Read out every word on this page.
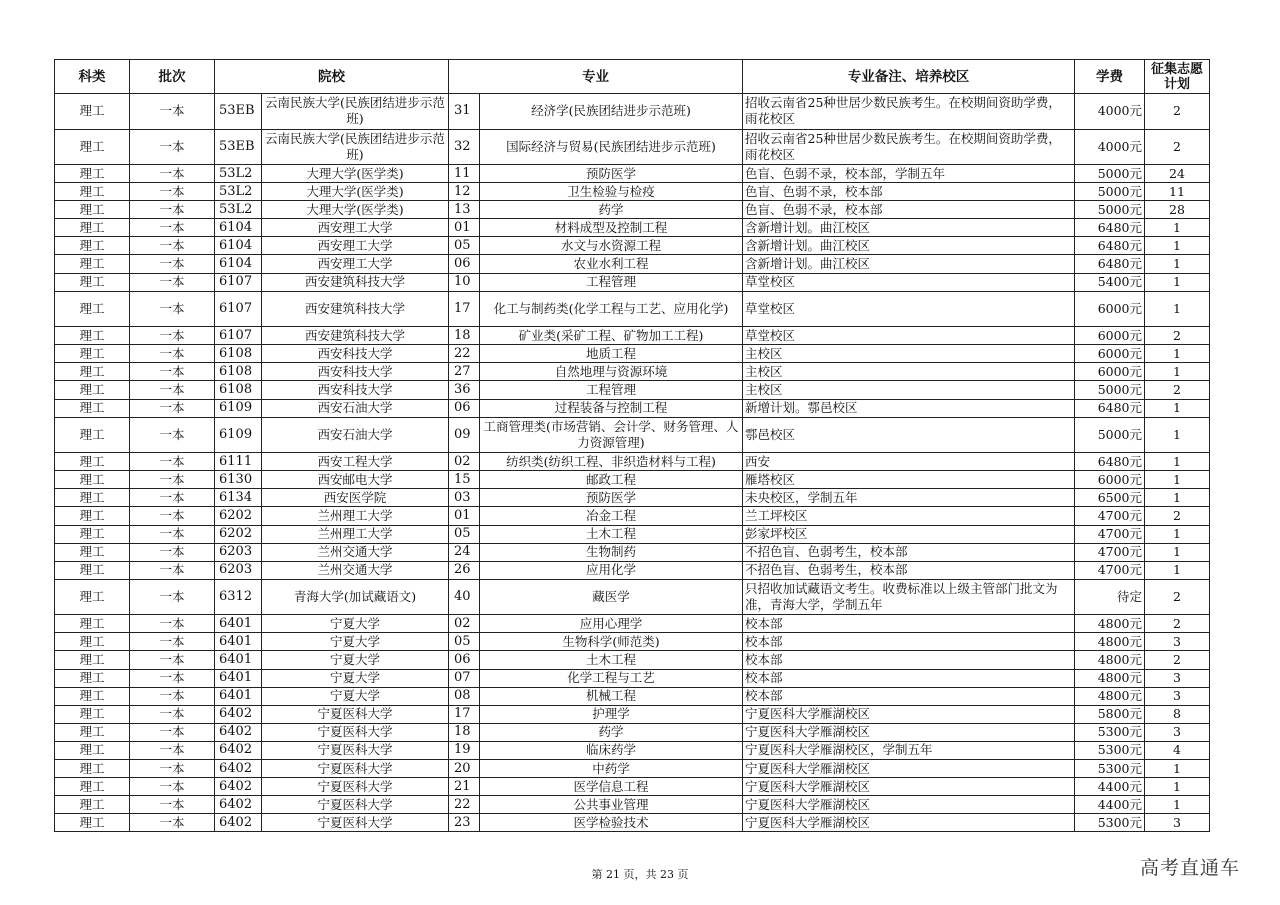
科类	批次	院校		专业		专业备注、培养校区	学费	征集志愿计划
理工	一本	53EB	云南民族大学(民族团结进步示范班)	31	经济学(民族团结进步示范班)	招收云南省25种世居少数民族考生。在校期间资助学费，雨花校区	4000元	2
理工	一本	53EB	云南民族大学(民族团结进步示范班)	32	国际经济与贸易(民族团结进步示范班)	招收云南省25种世居少数民族考生。在校期间资助学费，雨花校区	4000元	2
理工	一本	53L2	大理大学(医学类)	11	预防医学	色盲、色弱不录，校本部，学制五年	5000元	24
理工	一本	53L2	大理大学(医学类)	12	卫生检验与检疫	色盲、色弱不录，校本部	5000元	11
理工	一本	53L2	大理大学(医学类)	13	药学	色盲、色弱不录，校本部	5000元	28
理工	一本	6104	西安理工大学	01	材料成型及控制工程	含新增计划。曲江校区	6480元	1
理工	一本	6104	西安理工大学	05	水文与水资源工程	含新增计划。曲江校区	6480元	1
理工	一本	6104	西安理工大学	06	农业水利工程	含新增计划。曲江校区	6480元	1
理工	一本	6107	西安建筑科技大学	10	工程管理	草堂校区	5400元	1
理工	一本	6107	西安建筑科技大学	17	化工与制药类(化学工程与工艺、应用化学)	草堂校区	6000元	1
理工	一本	6107	西安建筑科技大学	18	矿业类(采矿工程、矿物加工工程)	草堂校区	6000元	2
理工	一本	6108	西安科技大学	22	地质工程	主校区	6000元	1
理工	一本	6108	西安科技大学	27	自然地理与资源环境	主校区	6000元	1
理工	一本	6108	西安科技大学	36	工程管理	主校区	5000元	2
理工	一本	6109	西安石油大学	06	过程装备与控制工程	新增计划。鄠邑校区	6480元	1
理工	一本	6109	西安石油大学	09	工商管理类(市场营销、会计学、财务管理、人力资源管理)	鄠邑校区	5000元	1
理工	一本	6111	西安工程大学	02	纺织类(纺织工程、非织造材料与工程)	西安	6480元	1
理工	一本	6130	西安邮电大学	15	邮政工程	雁塔校区	6000元	1
理工	一本	6134	西安医学院	03	预防医学	未央校区，学制五年	6500元	1
理工	一本	6202	兰州理工大学	01	冶金工程	兰工坪校区	4700元	2
理工	一本	6202	兰州理工大学	05	土木工程	彭家坪校区	4700元	1
理工	一本	6203	兰州交通大学	24	生物制药	不招色盲、色弱考生，校本部	4700元	1
理工	一本	6203	兰州交通大学	26	应用化学	不招色盲、色弱考生，校本部	4700元	1
理工	一本	6312	青海大学(加试藏语文)	40	藏医学	只招收加试藏语文考生。收费标准以上级主管部门批文为准，青海大学，学制五年	待定	2
理工	一本	6401	宁夏大学	02	应用心理学	校本部	4800元	2
理工	一本	6401	宁夏大学	05	生物科学(师范类)	校本部	4800元	3
理工	一本	6401	宁夏大学	06	土木工程	校本部	4800元	2
理工	一本	6401	宁夏大学	07	化学工程与工艺	校本部	4800元	3
理工	一本	6401	宁夏大学	08	机械工程	校本部	4800元	3
理工	一本	6402	宁夏医科大学	17	护理学	宁夏医科大学雁湖校区	5800元	8
理工	一本	6402	宁夏医科大学	18	药学	宁夏医科大学雁湖校区	5300元	3
理工	一本	6402	宁夏医科大学	19	临床药学	宁夏医科大学雁湖校区，学制五年	5300元	4
理工	一本	6402	宁夏医科大学	20	中药学	宁夏医科大学雁湖校区	5300元	1
理工	一本	6402	宁夏医科大学	21	医学信息工程	宁夏医科大学雁湖校区	4400元	1
理工	一本	6402	宁夏医科大学	22	公共事业管理	宁夏医科大学雁湖校区	4400元	1
理工	一本	6402	宁夏医科大学	23	医学检验技术	宁夏医科大学雁湖校区	5300元	3
第 21 页，共 23 页	高考直通车
